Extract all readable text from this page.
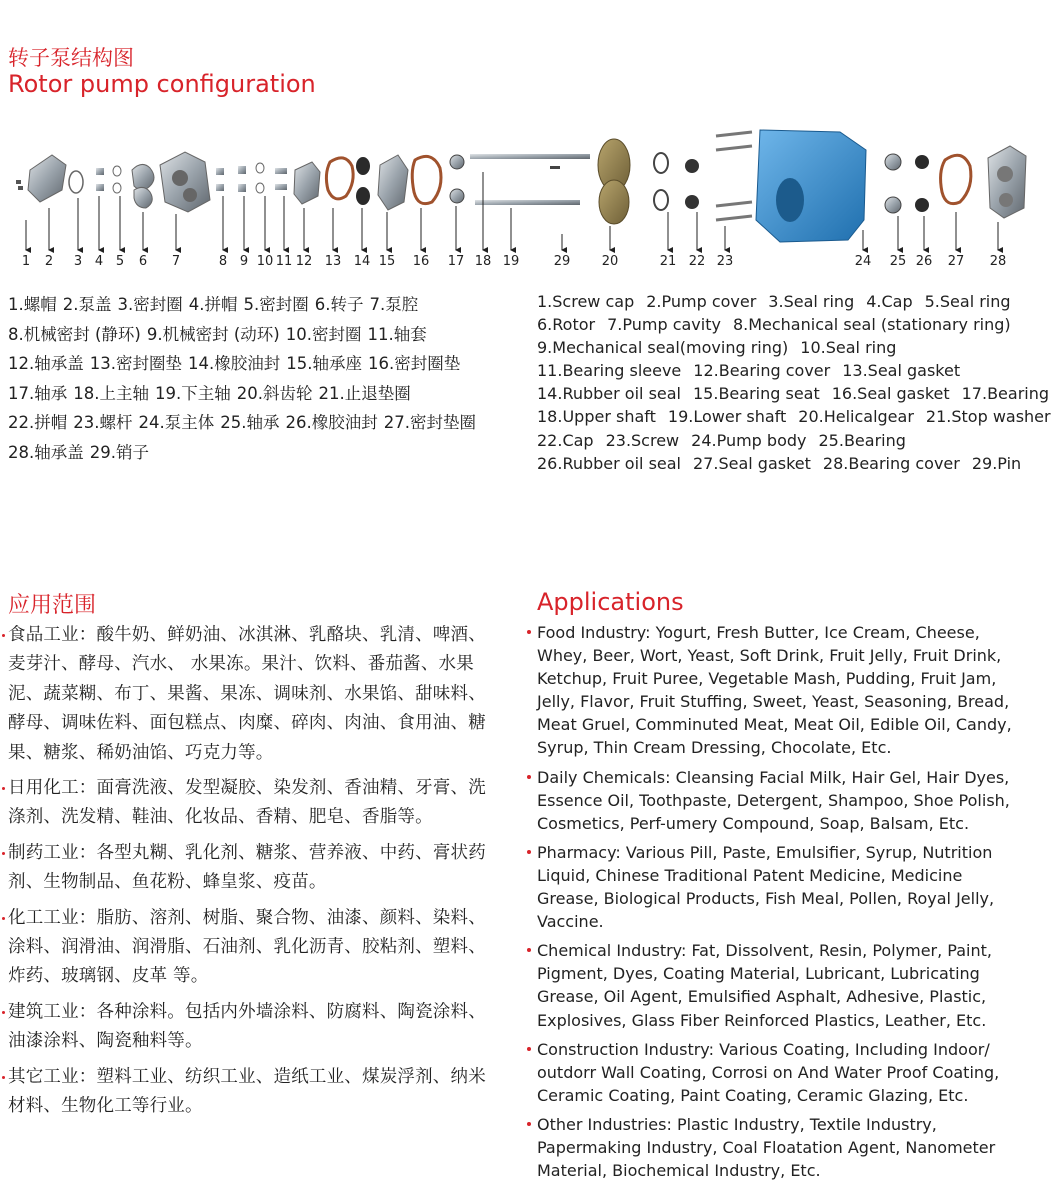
转子泵结构图
Rotor pump configuration
1 2 3 4 5 6 7	8 9 10 11 12 13 14 15 16 17 18 19	29 20	21 22 23	24 25 26 27 28
1.螺帽 2.泵盖 3.密封圈 4.拼帽 5.密封圈 6.转子 7.泵腔
8.机械密封 (静环) 9.机械密封 (动环) 10.密封圈 11.轴套
12.轴承盖 13.密封圈垫 14.橡胶油封 15.轴承座 16.密封圈垫
17.轴承 18.上主轴 19.下主轴 20.斜齿轮 21.止退垫圈
22.拼帽 23.螺杆 24.泵主体 25.轴承 26.橡胶油封 27.密封垫圈
28.轴承盖 29.销子
1.Screw cap 2.Pump cover 3.Seal ring 4.Cap 5.Seal ring
6.Rotor 7.Pump cavity 8.Mechanical seal (stationary ring)
9.Mechanical seal(moving ring) 10.Seal ring
11.Bearing sleeve 12.Bearing cover 13.Seal gasket
14.Rubber oil seal 15.Bearing seat 16.Seal gasket 17.Bearing
18.Upper shaft 19.Lower shaft 20.Helicalgear 21.Stop washer
22.Cap 23.Screw 24.Pump body 25.Bearing
26.Rubber oil seal 27.Seal gasket 28.Bearing cover 29.Pin
应用范围	Applications
食品工业：酸牛奶、鲜奶油、冰淇淋、乳酪块、乳清、啤酒、麦芽汁、酵母、汽水、 水果冻。果汁、饮料、番茄酱、水果泥、蔬菜糊、布丁、果酱、果冻、调味剂、水果馅、甜味料、酵母、调味佐料、面包糕点、肉糜、碎肉、肉油、食用油、糖果、糖浆、稀奶油馅、巧克力等。
日用化工：面膏洗液、发型凝胶、染发剂、香油精、牙膏、洗涤剂、洗发精、鞋油、化妆品、香精、肥皂、香脂等。
制药工业：各型丸糊、乳化剂、糖浆、营养液、中药、膏状药剂、生物制品、鱼花粉、蜂皇浆、疫苗。
化工工业：脂肪、溶剂、树脂、聚合物、油漆、颜料、染料、涂料、润滑油、润滑脂、石油剂、乳化沥青、胶粘剂、塑料、炸药、玻璃钢、皮革 等。
建筑工业：各种涂料。包括内外墙涂料、防腐料、陶瓷涂料、油漆涂料、陶瓷釉料等。
其它工业：塑料工业、纺织工业、造纸工业、煤炭浮剂、纳米材料、生物化工等行业。
Food Industry: Yogurt, Fresh Butter, Ice Cream, Cheese, Whey, Beer, Wort, Yeast, Soft Drink, Fruit Jelly, Fruit Drink, Ketchup, Fruit Puree, Vegetable Mash, Pudding, Fruit Jam, Jelly, Flavor, Fruit Stuffing, Sweet, Yeast, Seasoning, Bread, Meat Gruel, Comminuted Meat, Meat Oil, Edible Oil, Candy, Syrup, Thin Cream Dressing, Chocolate, Etc.
Daily Chemicals: Cleansing Facial Milk, Hair Gel, Hair Dyes, Essence Oil, Toothpaste, Detergent, Shampoo, Shoe Polish, Cosmetics, Perf-umery Compound, Soap, Balsam, Etc.
Pharmacy: Various Pill, Paste, Emulsifier, Syrup, Nutrition Liquid, Chinese Traditional Patent Medicine, Medicine Grease, Biological Products, Fish Meal, Pollen, Royal Jelly, Vaccine.
Chemical Industry: Fat, Dissolvent, Resin, Polymer, Paint, Pigment, Dyes, Coating Material, Lubricant, Lubricating Grease, Oil Agent, Emulsified Asphalt, Adhesive, Plastic, Explosives, Glass Fiber Reinforced Plastics, Leather, Etc.
Construction Industry: Various Coating, Including Indoor/ outdorr Wall Coating, Corrosi on And Water Proof Coating, Ceramic Coating, Paint Coating, Ceramic Glazing, Etc.
Other Industries: Plastic Industry, Textile Industry, Papermaking Industry, Coal Floatation Agent, Nanometer Material, Biochemical Industry, Etc.
